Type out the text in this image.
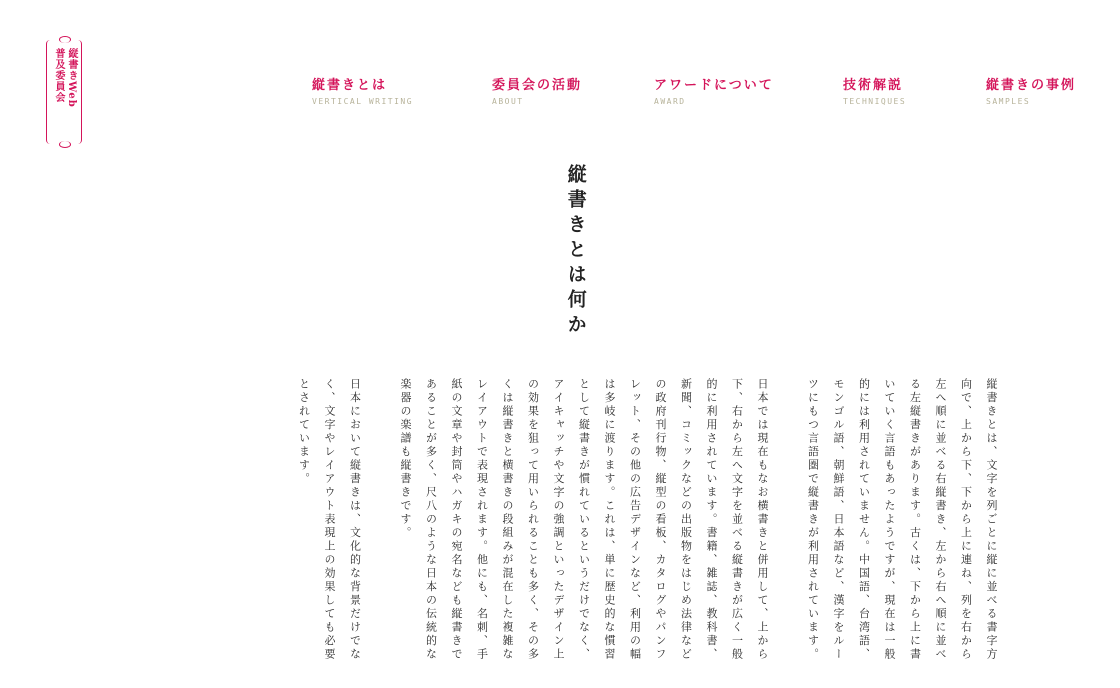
縦書きWeb
普及委員会	縦書きとは
VERTICAL WRITING
委員会の活動
ABOUT
アワードについて
AWARD
技術解説
TECHNIQUES
縦書きの事例
SAMPLES
縦書きとは何か

縦書きとは、文字を列ごとに縦に並べる書字方向で、上から下、下から上に連ね、列を右から左へ順に並べる右縦書き、左から右へ順に並べる左縦書きがあります。古くは、下から上に書いていく言語もあったようですが、現在は一般的には利用されていません。中国語、台湾語、モンゴル語、朝鮮語、日本語など、漢字をルーツにもつ言語圏で縦書きが利用されています。

日本では現在もなお横書きと併用して、上から下、右から左へ文字を並べる縦書きが広く一般的に利用されています。書籍、雑誌、教科書、新聞、コミックなどの出版物をはじめ法律などの政府刊行物、縦型の看板、カタログやパンフレット、その他の広告デザインなど、利用の幅は多岐に渡ります。これは、単に歴史的な慣習として縦書きが慣れているというだけでなく、アイキャッチや文字の強調といったデザイン上の効果を狙って用いられることも多く、その多くは縦書きと横書きの段組みが混在した複雑なレイアウトで表現されます。他にも、名刺、手紙の文章や封筒やハガキの宛名なども縦書きであることが多く、尺八のような日本の伝統的な楽器の楽譜も縦書きです。

日本において縦書きは、文化的な背景だけでなく、文字やレイアウト表現上の効果しても必要とされています。
